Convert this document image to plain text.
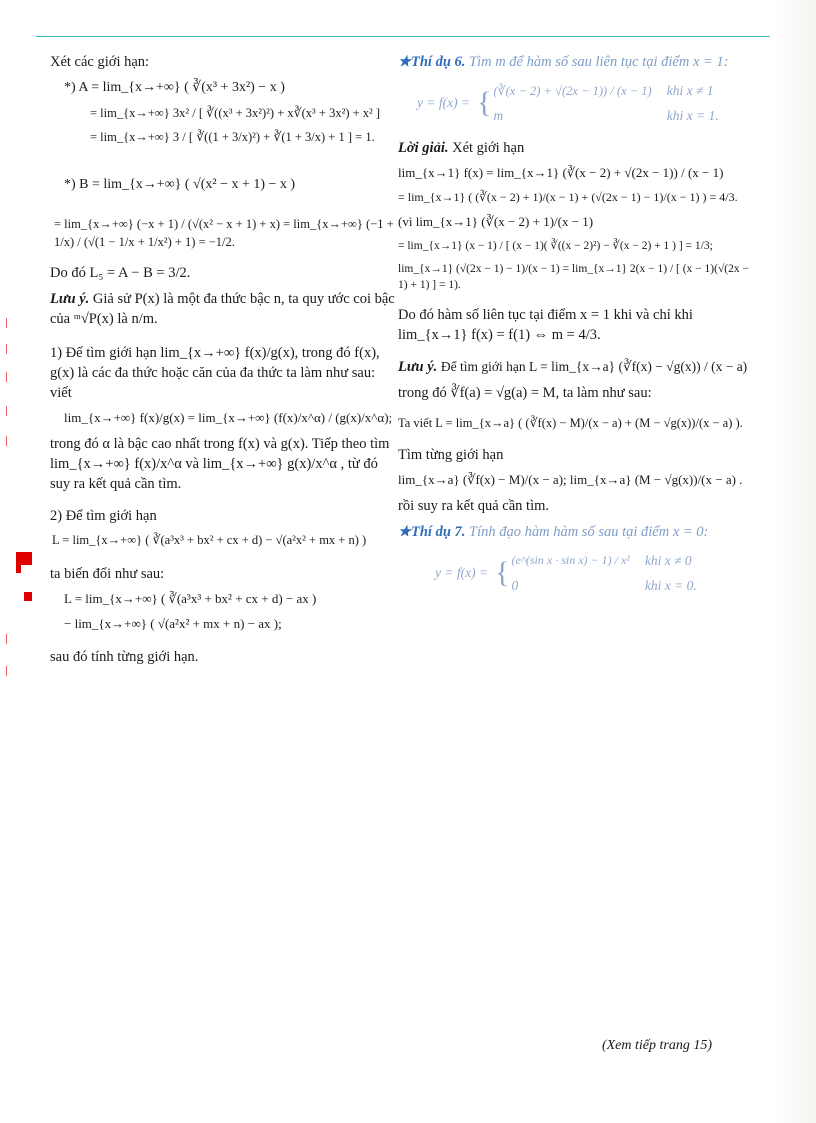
Xét các giới hạn:

*) A = lim_{x→+∞} ( ∛(x³ + 3x²) − x )
= lim_{x→+∞} 3x² / [ ∛((x³ + 3x²)²) + x∛(x³ + 3x²) + x² ]
= lim_{x→+∞} 3 / [ ∛((1 + 3/x)²) + ∛(1 + 3/x) + 1 ] = 1.
*) B = lim_{x→+∞} ( √(x² − x + 1) − x )
= lim_{x→+∞} (−x + 1) / (√(x² − x + 1) + x) = lim_{x→+∞} (−1 + 1/x) / (√(1 − 1/x + 1/x²) + 1) = −1/2.

Do đó L₅ = A − B = 3/2.

Lưu ý. Giả sử P(x) là một đa thức bậc n, ta quy ước coi bậc của ᵐ√P(x) là n/m.

1) Để tìm giới hạn lim_{x→+∞} f(x)/g(x), trong đó f(x), g(x) là các đa thức hoặc căn của đa thức ta làm như sau: viết

lim_{x→+∞} f(x)/g(x) = lim_{x→+∞} (f(x)/x^α) / (g(x)/x^α);

trong đó α là bậc cao nhất trong f(x) và g(x). Tiếp theo tìm lim_{x→+∞} f(x)/x^α và lim_{x→+∞} g(x)/x^α , từ đó suy ra kết quả cần tìm.

2) Để tìm giới hạn

L = lim_{x→+∞} ( ∛(a³x³ + bx² + cx + d) − √(a²x² + mx + n) )

ta biến đổi như sau:

L = lim_{x→+∞} ( ∛(a³x³ + bx² + cx + d) − ax )
− lim_{x→+∞} ( √(a²x² + mx + n) − ax );

sau đó tính từng giới hạn.

★Thí dụ 6. Tìm m để hàm số sau liên tục tại điểm x = 1:

y = f(x) =	{	(∛(x − 2) + √(2x − 1)) / (x − 1)	khi x ≠ 1
		m	khi x = 1.

Lời giải. Xét giới hạn

lim_{x→1} f(x) = lim_{x→1} (∛(x − 2) + √(2x − 1)) / (x − 1)
= lim_{x→1} ( (∛(x − 2) + 1)/(x − 1) + (√(2x − 1) − 1)/(x − 1) ) = 4/3.
(vì lim_{x→1} (∛(x − 2) + 1)/(x − 1)
= lim_{x→1} (x − 1) / [ (x − 1)( ∛((x − 2)²) − ∛(x − 2) + 1 ) ] = 1/3;
lim_{x→1} (√(2x − 1) − 1)/(x − 1) = lim_{x→1} 2(x − 1) / [ (x − 1)(√(2x − 1) + 1) ] = 1).

Do đó hàm số liên tục tại điểm x = 1 khi và chỉ khi lim_{x→1} f(x) = f(1) ⇔ m = 4/3.

Lưu ý. Để tìm giới hạn L = lim_{x→a} (∛f(x) − √g(x)) / (x − a)

trong đó ∛f(a) = √g(a) = M, ta làm như sau:

Ta viết L = lim_{x→a} ( (∛f(x) − M)/(x − a) + (M − √g(x))/(x − a) ).

Tìm từng giới hạn

lim_{x→a} (∛f(x) − M)/(x − a); lim_{x→a} (M − √g(x))/(x − a) .

rồi suy ra kết quả cần tìm.

★Thí dụ 7. Tính đạo hàm hàm số sau tại điểm x = 0:

y = f(x) =	{	(e^(sin x · sin x) − 1) / x²	khi x ≠ 0
		0	khi x = 0.
(Xem tiếp trang 15)
